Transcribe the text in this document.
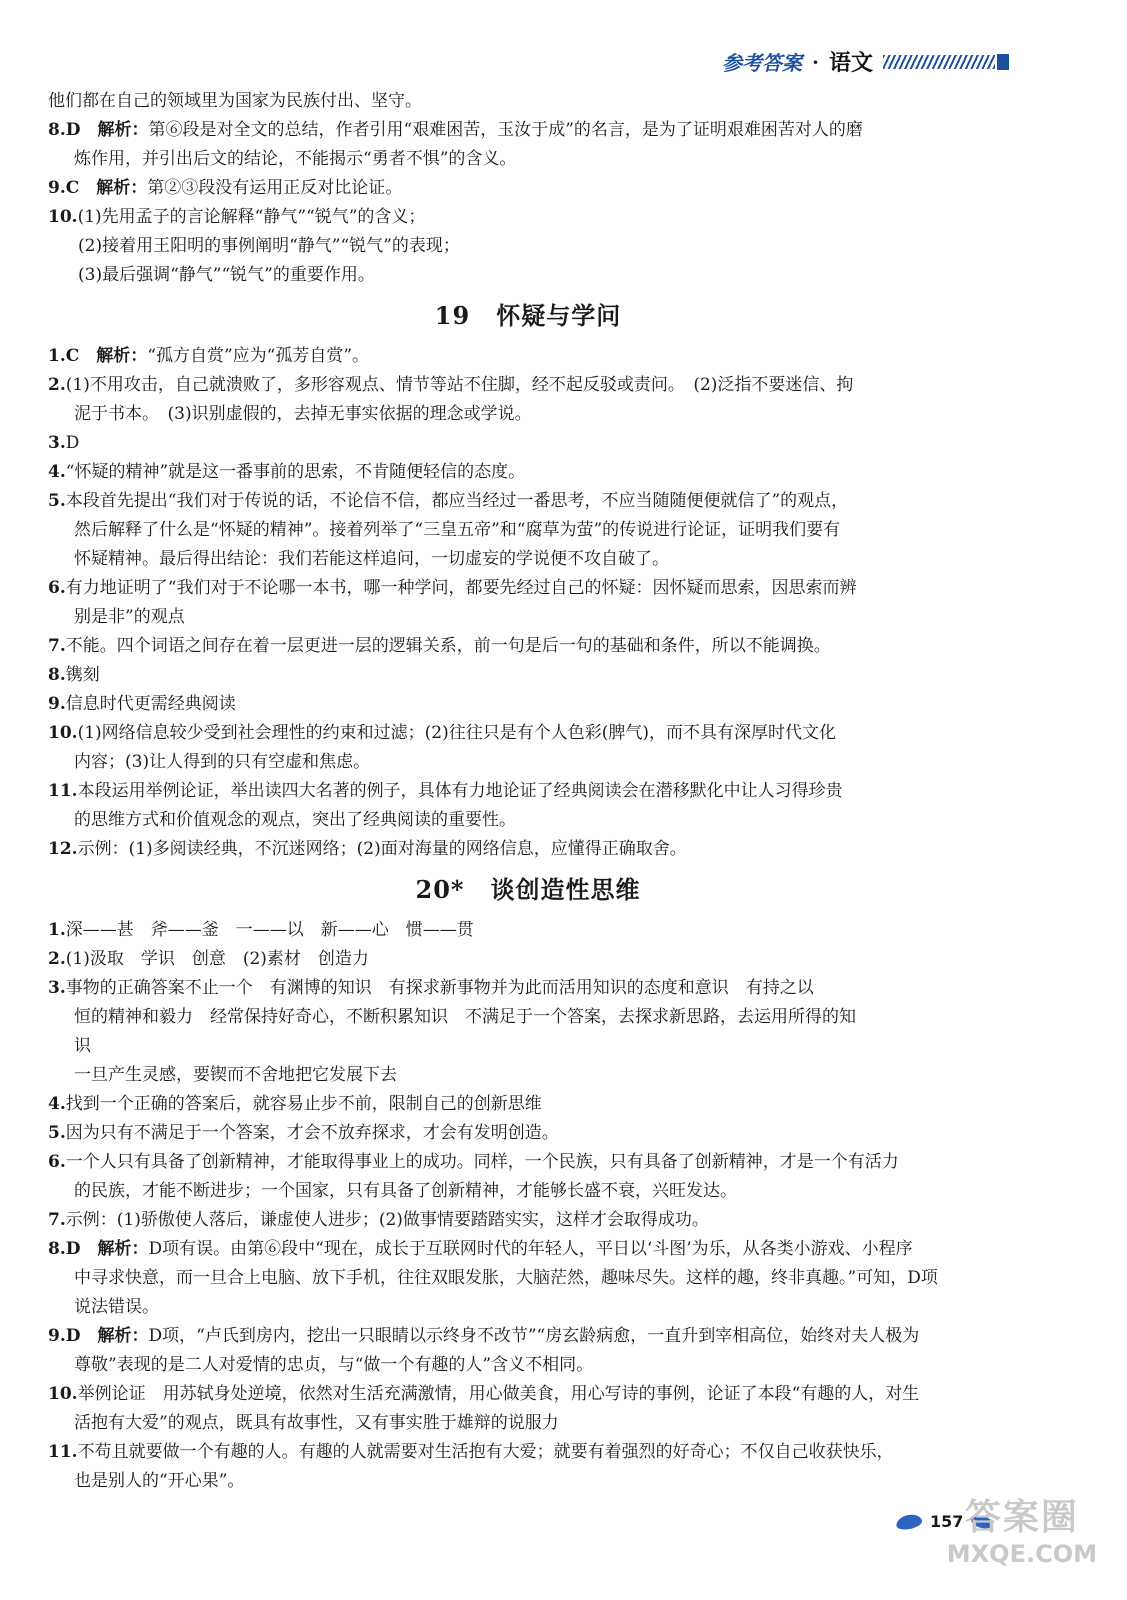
参考答案 · 语文
他们都在自己的领域里为国家为民族付出、坚守。
8.D  解析：第⑥段是对全文的总结，作者引用“艰难困苦，玉汝于成”的名言，是为了证明艰难困苦对人的磨
炼作用，并引出后文的结论，不能揭示“勇者不惧”的含义。
9.C  解析：第②③段没有运用正反对比论证。
10.(1)先用孟子的言论解释“静气”“锐气”的含义；
(2)接着用王阳明的事例阐明“静气”“锐气”的表现；
(3)最后强调“静气”“锐气”的重要作用。
19 怀疑与学问
1.C  解析：“孤方自赏”应为“孤芳自赏”。
2.(1)不用攻击，自己就溃败了，多形容观点、情节等站不住脚，经不起反驳或责问。　(2)泛指不要迷信、拘
泥于书本。　(3)识别虚假的，去掉无事实依据的理念或学说。
3.D
4.“怀疑的精神”就是这一番事前的思索，不肯随便轻信的态度。
5.本段首先提出“我们对于传说的话，不论信不信，都应当经过一番思考，不应当随随便便就信了”的观点，
然后解释了什么是“怀疑的精神”。接着列举了“三皇五帝”和“腐草为萤”的传说进行论证，证明我们要有
怀疑精神。最后得出结论：我们若能这样追问，一切虚妄的学说便不攻自破了。
6.有力地证明了“我们对于不论哪一本书，哪一种学问，都要先经过自己的怀疑：因怀疑而思索，因思索而辨
别是非”的观点
7.不能。四个词语之间存在着一层更进一层的逻辑关系，前一句是后一句的基础和条件，所以不能调换。
8.镌刻
9.信息时代更需经典阅读
10.(1)网络信息较少受到社会理性的约束和过滤；(2)往往只是有个人色彩(脾气)，而不具有深厚时代文化
内容；(3)让人得到的只有空虚和焦虑。
11.本段运用举例论证，举出读四大名著的例子，具体有力地论证了经典阅读会在潜移默化中让人习得珍贵
的思维方式和价值观念的观点，突出了经典阅读的重要性。
12.示例：(1)多阅读经典，不沉迷网络；(2)面对海量的网络信息，应懂得正确取舍。
20* 谈创造性思维
1.深——甚　斧——釜　一——以　新——心　惯——贯
2.(1)汲取　学识　创意　(2)素材　创造力
3.事物的正确答案不止一个　有渊博的知识　有探求新事物并为此而活用知识的态度和意识　有持之以
恒的精神和毅力　经常保持好奇心，不断积累知识　不满足于一个答案，去探求新思路，去运用所得的知
识
一旦产生灵感，要锲而不舍地把它发展下去
4.找到一个正确的答案后，就容易止步不前，限制自己的创新思维
5.因为只有不满足于一个答案，才会不放弃探求，才会有发明创造。
6.一个人只有具备了创新精神，才能取得事业上的成功。同样，一个民族，只有具备了创新精神，才是一个有活力
的民族，才能不断进步；一个国家，只有具备了创新精神，才能够长盛不衰，兴旺发达。
7.示例：(1)骄傲使人落后，谦虚使人进步；(2)做事情要踏踏实实，这样才会取得成功。
8.D  解析：D项有误。由第⑥段中“现在，成长于互联网时代的年轻人，平日以‘斗图’为乐，从各类小游戏、小程序
中寻求快意，而一旦合上电脑、放下手机，往往双眼发胀，大脑茫然，趣味尽失。这样的趣，终非真趣。”可知，D项
说法错误。
9.D  解析：D项，“卢氏到房内，挖出一只眼睛以示终身不改节”“房玄龄病愈，一直升到宰相高位，始终对夫人极为
尊敬”表现的是二人对爱情的忠贞，与“做一个有趣的人”含义不相同。
10.举例论证　用苏轼身处逆境，依然对生活充满激情，用心做美食，用心写诗的事例，论证了本段“有趣的人，对生
活抱有大爱”的观点，既具有故事性，又有事实胜于雄辩的说服力
11.不苟且就要做一个有趣的人。有趣的人就需要对生活抱有大爱；就要有着强烈的好奇心；不仅自己收获快乐，
也是别人的“开心果”。
157 答案圈
MXQE.COM
